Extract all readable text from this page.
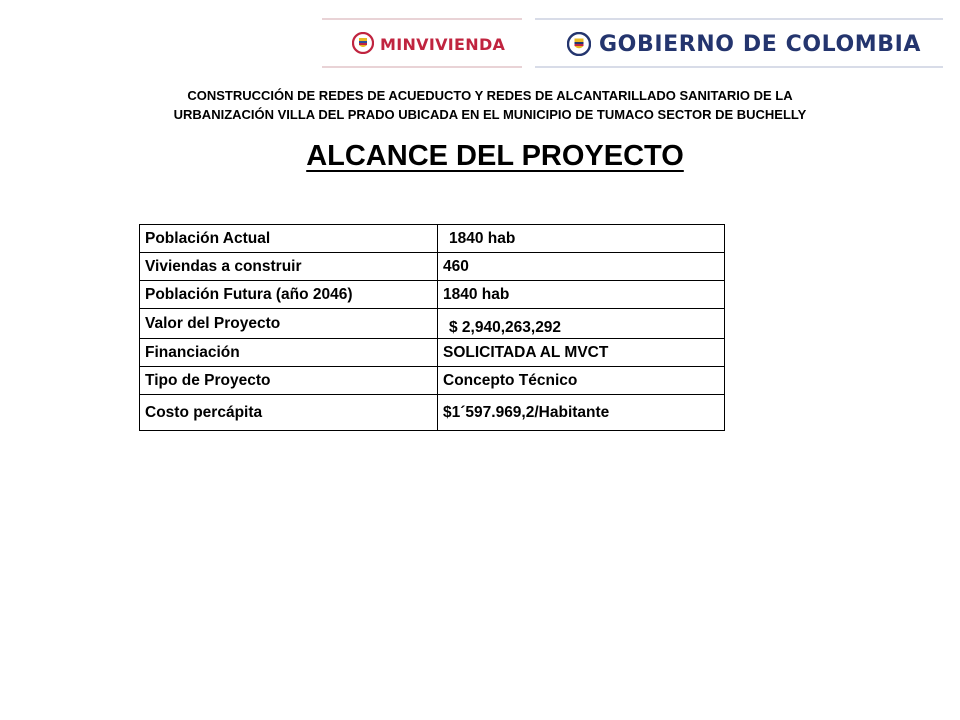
MINVIVIENDA	GOBIERNO DE COLOMBIA
CONSTRUCCIÓN DE REDES DE ACUEDUCTO Y REDES DE ALCANTARILLADO SANITARIO DE LA
URBANIZACIÓN VILLA DEL PRADO UBICADA EN EL MUNICIPIO DE TUMACO SECTOR DE BUCHELLY
ALCANCE DEL PROYECTO
Población Actual	1840 hab
Viviendas a construir	460
Población Futura (año 2046)	1840 hab
Valor del Proyecto	$ 2,940,263,292
Financiación	SOLICITADA AL MVCT
Tipo de Proyecto	Concepto Técnico
Costo percápita	$1´597.969,2/Habitante
